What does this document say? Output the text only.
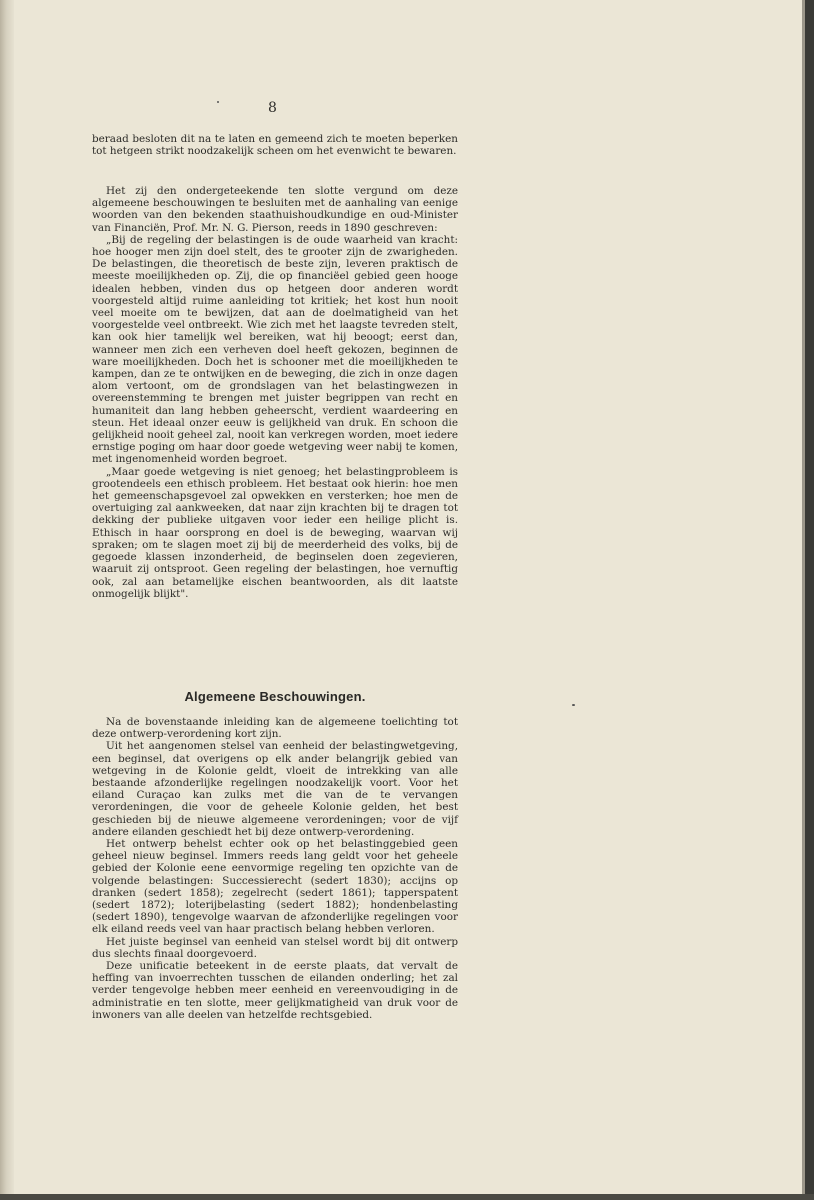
8

beraad besloten dit na te laten en gemeend zich te moeten beperken tot hetgeen strikt noodzakelijk scheen om het evenwicht te bewaren.

Het zij den ondergeteekende ten slotte vergund om deze algemeene beschouwingen te besluiten met de aanhaling van eenige woorden van den bekenden staathuishoudkundige en oud-Minister van Financiën, Prof. Mr. N. G. Pierson, reeds in 1890 geschreven:

„Bij de regeling der belastingen is de oude waarheid van kracht: hoe hooger men zijn doel stelt, des te grooter zijn de zwarigheden. De belastingen, die theoretisch de beste zijn, leveren praktisch de meeste moeilijkheden op. Zij, die op financiëel gebied geen hooge idealen hebben, vinden dus op hetgeen door anderen wordt voorgesteld altijd ruime aanleiding tot kritiek; het kost hun nooit veel moeite om te bewijzen, dat aan de doelmatigheid van het voorgestelde veel ontbreekt. Wie zich met het laagste tevreden stelt, kan ook hier tamelijk wel bereiken, wat hij beoogt; eerst dan, wanneer men zich een verheven doel heeft gekozen, beginnen de ware moeilijkheden. Doch het is schooner met die moeilijkheden te kampen, dan ze te ontwijken en de beweging, die zich in onze dagen alom vertoont, om de grondslagen van het belastingwezen in overeenstemming te brengen met juister begrippen van recht en humaniteit dan lang hebben geheerscht, verdient waardeering en steun. Het ideaal onzer eeuw is gelijkheid van druk. En schoon die gelijkheid nooit geheel zal, nooit kan verkregen worden, moet iedere ernstige poging om haar door goede wetgeving weer nabij te komen, met ingenomenheid worden begroet.

„Maar goede wetgeving is niet genoeg; het belastingprobleem is grootendeels een ethisch probleem. Het bestaat ook hierin: hoe men het gemeenschapsgevoel zal opwekken en versterken; hoe men de overtuiging zal aankweeken, dat naar zijn krachten bij te dragen tot dekking der publieke uitgaven voor ieder een heilige plicht is. Ethisch in haar oorsprong en doel is de beweging, waarvan wij spraken; om te slagen moet zij bij de meerderheid des volks, bij de gegoede klassen inzonderheid, de beginselen doen zegevieren, waaruit zij ontsproot. Geen regeling der belastingen, hoe vernuftig ook, zal aan betamelijke eischen beantwoorden, als dit laatste onmogelijk blijkt".

Algemeene Beschouwingen.

Na de bovenstaande inleiding kan de algemeene toelichting tot deze ontwerp-verordening kort zijn.

Uit het aangenomen stelsel van eenheid der belastingwetgeving, een beginsel, dat overigens op elk ander belangrijk gebied van wetgeving in de Kolonie geldt, vloeit de intrekking van alle bestaande afzonderlijke regelingen noodzakelijk voort. Voor het eiland Curaçao kan zulks met die van de te vervangen verordeningen, die voor de geheele Kolonie gelden, het best geschieden bij de nieuwe algemeene verordeningen; voor de vijf andere eilanden geschiedt het bij deze ontwerp-verordening.

Het ontwerp behelst echter ook op het belastinggebied geen geheel nieuw beginsel. Immers reeds lang geldt voor het geheele gebied der Kolonie eene eenvormige regeling ten opzichte van de volgende belastingen: Successierecht (sedert 1830); accijns op dranken (sedert 1858); zegelrecht (sedert 1861); tapperspatent (sedert 1872); loterijbelasting (sedert 1882); hondenbelasting (sedert 1890), tengevolge waarvan de afzonderlijke regelingen voor elk eiland reeds veel van haar practisch belang hebben verloren.

Het juiste beginsel van eenheid van stelsel wordt bij dit ontwerp dus slechts finaal doorgevoerd.

Deze unificatie beteekent in de eerste plaats, dat vervalt de heffing van invoerrechten tusschen de eilanden onderling; het zal verder tengevolge hebben meer eenheid en vereenvoudiging in de administratie en ten slotte, meer gelijkmatigheid van druk voor de inwoners van alle deelen van hetzelfde rechtsgebied.
